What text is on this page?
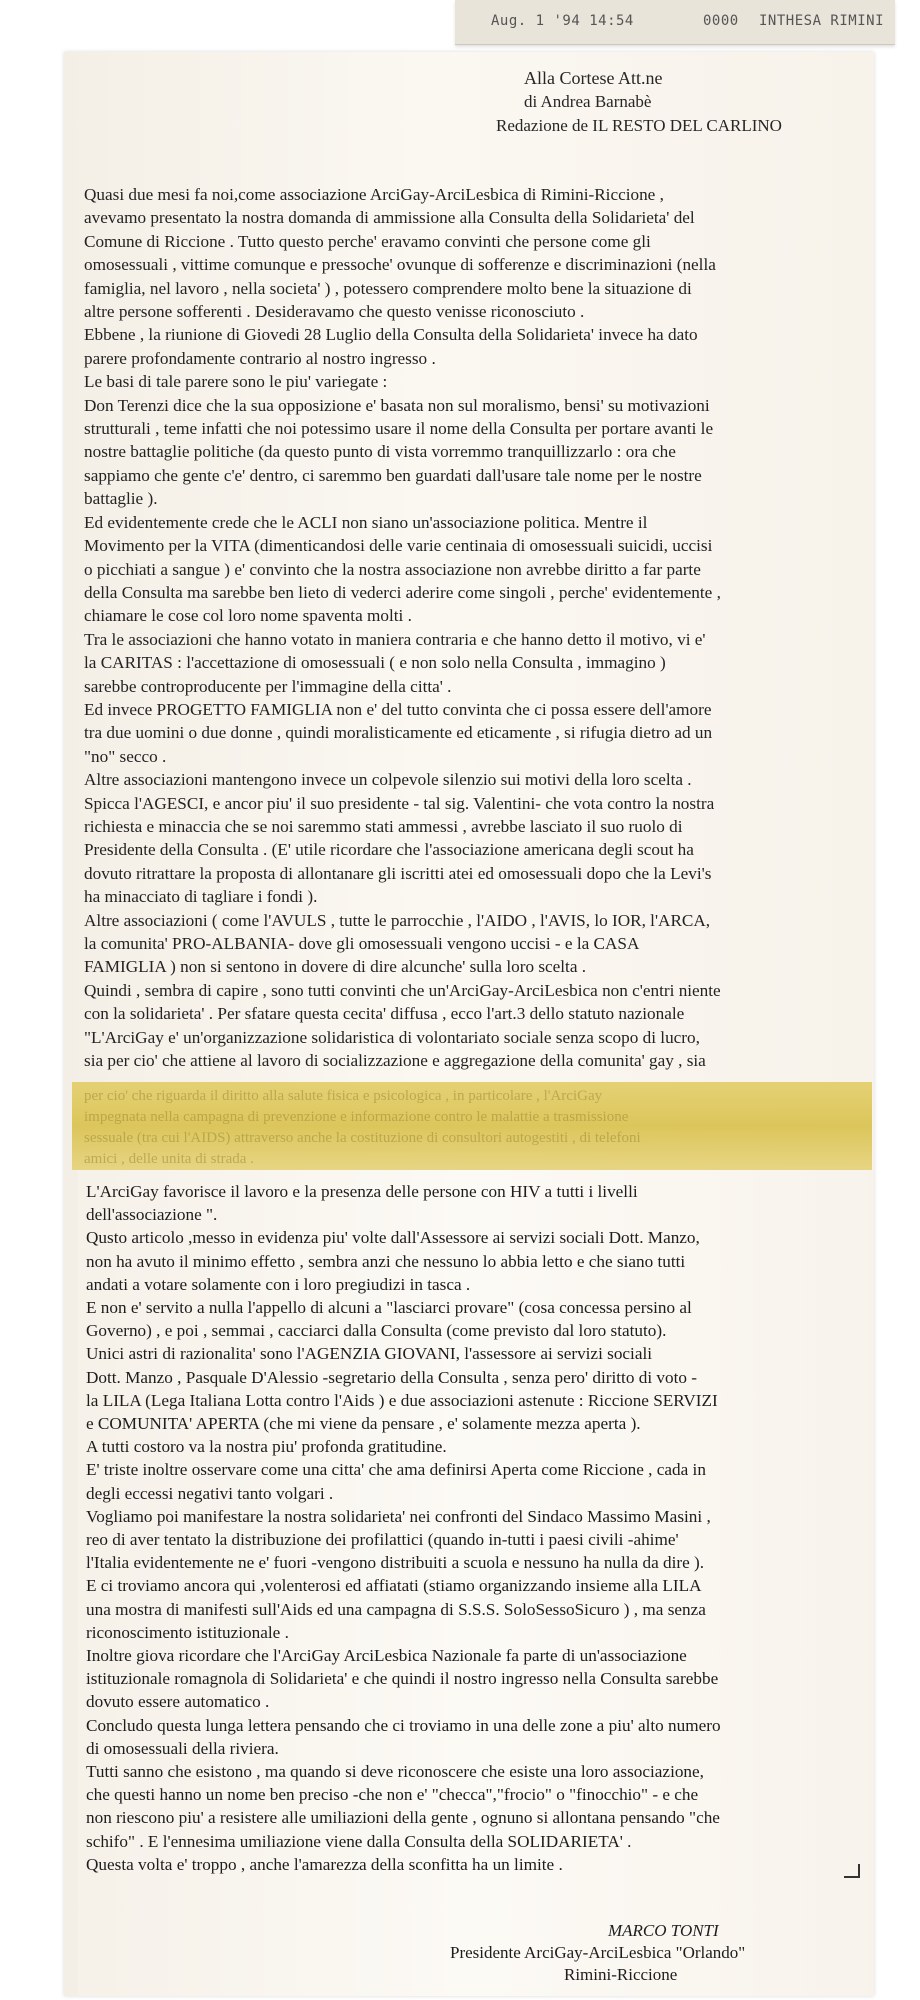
Aug. 1 '94 14:54	0000 INTHESA RIMINI
Alla Cortese Att.ne
di Andrea Barnabè
Redazione de IL RESTO DEL CARLINO

Quasi due mesi fa noi,come associazione ArciGay-ArciLesbica di Rimini-Riccione ,

avevamo presentato la nostra domanda di ammissione alla Consulta della Solidarieta' del

Comune di Riccione . Tutto questo perche' eravamo convinti che persone come gli

omosessuali , vittime comunque e pressoche' ovunque di sofferenze e discriminazioni (nella

famiglia, nel lavoro , nella societa' ) , potessero comprendere molto bene la situazione di

altre persone sofferenti . Desideravamo che questo venisse riconosciuto .

Ebbene , la riunione di Giovedi 28 Luglio della Consulta della Solidarieta' invece ha dato

parere profondamente contrario al nostro ingresso .

Le basi di tale parere sono le piu' variegate :

Don Terenzi dice che la sua opposizione e' basata non sul moralismo, bensi' su motivazioni

strutturali , teme infatti che noi potessimo usare il nome della Consulta per portare avanti le

nostre battaglie politiche (da questo punto di vista vorremmo tranquillizzarlo : ora che

sappiamo che gente c'e' dentro, ci saremmo ben guardati dall'usare tale nome per le nostre

battaglie ).

Ed evidentemente crede che le ACLI non siano un'associazione politica. Mentre il

Movimento per la VITA (dimenticandosi delle varie centinaia di omosessuali suicidi, uccisi

o picchiati a sangue ) e' convinto che la nostra associazione non avrebbe diritto a far parte

della Consulta ma sarebbe ben lieto di vederci aderire come singoli , perche' evidentemente ,

chiamare le cose col loro nome spaventa molti .

Tra le associazioni che hanno votato in maniera contraria e che hanno detto il motivo, vi e'

la CARITAS : l'accettazione di omosessuali ( e non solo nella Consulta , immagino )

sarebbe controproducente per l'immagine della citta' .

Ed invece PROGETTO FAMIGLIA non e' del tutto convinta che ci possa essere dell'amore

tra due uomini o due donne , quindi moralisticamente ed eticamente , si rifugia dietro ad un

"no" secco .

Altre associazioni mantengono invece un colpevole silenzio sui motivi della loro scelta .

Spicca l'AGESCI, e ancor piu' il suo presidente - tal sig. Valentini- che vota contro la nostra

richiesta e minaccia che se noi saremmo stati ammessi , avrebbe lasciato il suo ruolo di

Presidente della Consulta . (E' utile ricordare che l'associazione americana degli scout ha

dovuto ritrattare la proposta di allontanare gli iscritti atei ed omosessuali dopo che la Levi's

ha minacciato di tagliare i fondi ).

Altre associazioni ( come l'AVULS , tutte le parrocchie , l'AIDO , l'AVIS, lo IOR, l'ARCA,

la comunita' PRO-ALBANIA- dove gli omosessuali vengono uccisi - e la CASA

FAMIGLIA ) non si sentono in dovere di dire alcunche' sulla loro scelta .

Quindi , sembra di capire , sono tutti convinti che un'ArciGay-ArciLesbica non c'entri niente

con la solidarieta' . Per sfatare questa cecita' diffusa , ecco l'art.3 dello statuto nazionale

"L'ArciGay e' un'organizzazione solidaristica di volontariato sociale senza scopo di lucro,

sia per cio' che attiene al lavoro di socializzazione e aggregazione della comunita' gay , sia

per cio' che riguarda il diritto alla salute fisica e psicologica , in particolare , l'ArciGay

impegnata nella campagna di prevenzione e informazione contro le malattie a trasmissione

sessuale (tra cui l'AIDS) attraverso anche la costituzione di consultori autogestiti , di telefoni

amici , delle unita di strada .

L'ArciGay favorisce il lavoro e la presenza delle persone con HIV a tutti i livelli

dell'associazione ".

Qusto articolo ,messo in evidenza piu' volte dall'Assessore ai servizi sociali Dott. Manzo,

non ha avuto il minimo effetto , sembra anzi che nessuno lo abbia letto e che siano tutti

andati a votare solamente con i loro pregiudizi in tasca .

E non e' servito a nulla l'appello di alcuni a "lasciarci provare" (cosa concessa persino al

Governo) , e poi , semmai , cacciarci dalla Consulta (come previsto dal loro statuto).

Unici astri di razionalita' sono l'AGENZIA GIOVANI, l'assessore ai servizi sociali

Dott. Manzo , Pasquale D'Alessio -segretario della Consulta , senza pero' diritto di voto -

la LILA (Lega Italiana Lotta contro l'Aids ) e due associazioni astenute : Riccione SERVIZI

e COMUNITA' APERTA (che mi viene da pensare , e' solamente mezza aperta ).

A tutti costoro va la nostra piu' profonda gratitudine.

E' triste inoltre osservare come una citta' che ama definirsi Aperta come Riccione , cada in

degli eccessi negativi tanto volgari .

Vogliamo poi manifestare la nostra solidarieta' nei confronti del Sindaco Massimo Masini ,

reo di aver tentato la distribuzione dei profilattici (quando in-tutti i paesi civili -ahime'

l'Italia evidentemente ne e' fuori -vengono distribuiti a scuola e nessuno ha nulla da dire ).

E ci troviamo ancora qui ,volenterosi ed affiatati (stiamo organizzando insieme alla LILA

una mostra di manifesti sull'Aids ed una campagna di S.S.S. SoloSessoSicuro ) , ma senza

riconoscimento istituzionale .

Inoltre giova ricordare che l'ArciGay ArciLesbica Nazionale fa parte di un'associazione

istituzionale romagnola di Solidarieta' e che quindi il nostro ingresso nella Consulta sarebbe

dovuto essere automatico .

Concludo questa lunga lettera pensando che ci troviamo in una delle zone a piu' alto numero

di omosessuali della riviera.

Tutti sanno che esistono , ma quando si deve riconoscere che esiste una loro associazione,

che questi hanno un nome ben preciso -che non e' "checca","frocio" o "finocchio" - e che

non riescono piu' a resistere alle umiliazioni della gente , ognuno si allontana pensando "che

schifo" . E l'ennesima umiliazione viene dalla Consulta della SOLIDARIETA' .

Questa volta e' troppo , anche l'amarezza della sconfitta ha un limite .

MARCO TONTI
Presidente ArciGay-ArciLesbica "Orlando"
Rimini-Riccione
